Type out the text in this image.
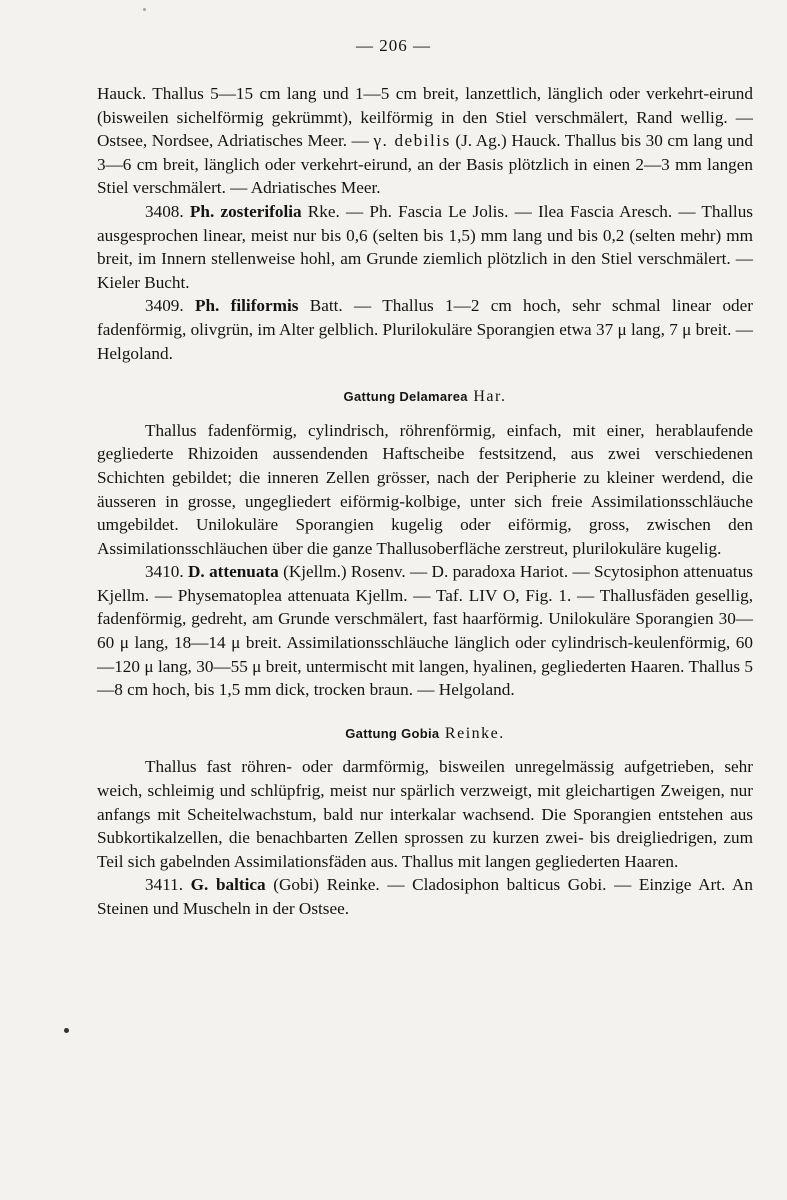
— 206 —

Hauck. Thallus 5—15 cm lang und 1—5 cm breit, lanzettlich, länglich oder verkehrt-eirund (bisweilen sichelförmig gekrümmt), keilförmig in den Stiel verschmälert, Rand wellig. — Ostsee, Nordsee, Adriatisches Meer. — γ. debilis (J. Ag.) Hauck. Thallus bis 30 cm lang und 3—6 cm breit, länglich oder verkehrt-eirund, an der Basis plötzlich in einen 2—3 mm langen Stiel verschmälert. — Adriatisches Meer.

3408. Ph. zosterifolia Rke. — Ph. Fascia Le Jolis. — Ilea Fascia Aresch. — Thallus ausgesprochen linear, meist nur bis 0,6 (selten bis 1,5) mm lang und bis 0,2 (selten mehr) mm breit, im Innern stellenweise hohl, am Grunde ziemlich plötzlich in den Stiel verschmälert. — Kieler Bucht.

3409. Ph. filiformis Batt. — Thallus 1—2 cm hoch, sehr schmal linear oder fadenförmig, olivgrün, im Alter gelblich. Plurilokuläre Sporangien etwa 37 μ lang, 7 μ breit. — Helgoland.

Gattung Delamarea Har.

Thallus fadenförmig, cylindrisch, röhrenförmig, einfach, mit einer, herablaufende gegliederte Rhizoiden aussendenden Haftscheibe festsitzend, aus zwei verschiedenen Schichten gebildet; die inneren Zellen grösser, nach der Peripherie zu kleiner werdend, die äusseren in grosse, ungegliedert eiförmig-kolbige, unter sich freie Assimilationsschläuche umgebildet. Unilokuläre Sporangien kugelig oder eiförmig, gross, zwischen den Assimilationsschläuchen über die ganze Thallusoberfläche zerstreut, plurilokuläre kugelig.

3410. D. attenuata (Kjellm.) Rosenv. — D. paradoxa Hariot. — Scytosiphon attenuatus Kjellm. — Physematoplea attenuata Kjellm. — Taf. LIV O, Fig. 1. — Thallusfäden gesellig, fadenförmig, gedreht, am Grunde verschmälert, fast haarförmig. Unilokuläre Sporangien 30—60 μ lang, 18—14 μ breit. Assimilationsschläuche länglich oder cylindrisch-keulenförmig, 60—120 μ lang, 30—55 μ breit, untermischt mit langen, hyalinen, gegliederten Haaren. Thallus 5—8 cm hoch, bis 1,5 mm dick, trocken braun. — Helgoland.

Gattung Gobia Reinke.

Thallus fast röhren- oder darmförmig, bisweilen unregelmässig aufgetrieben, sehr weich, schleimig und schlüpfrig, meist nur spärlich verzweigt, mit gleichartigen Zweigen, nur anfangs mit Scheitelwachstum, bald nur interkalar wachsend. Die Sporangien entstehen aus Subkortikalzellen, die benachbarten Zellen sprossen zu kurzen zwei- bis dreigliedrigen, zum Teil sich gabelnden Assimilationsfäden aus. Thallus mit langen gegliederten Haaren.

3411. G. baltica (Gobi) Reinke. — Cladosiphon balticus Gobi. — Einzige Art. An Steinen und Muscheln in der Ostsee.
